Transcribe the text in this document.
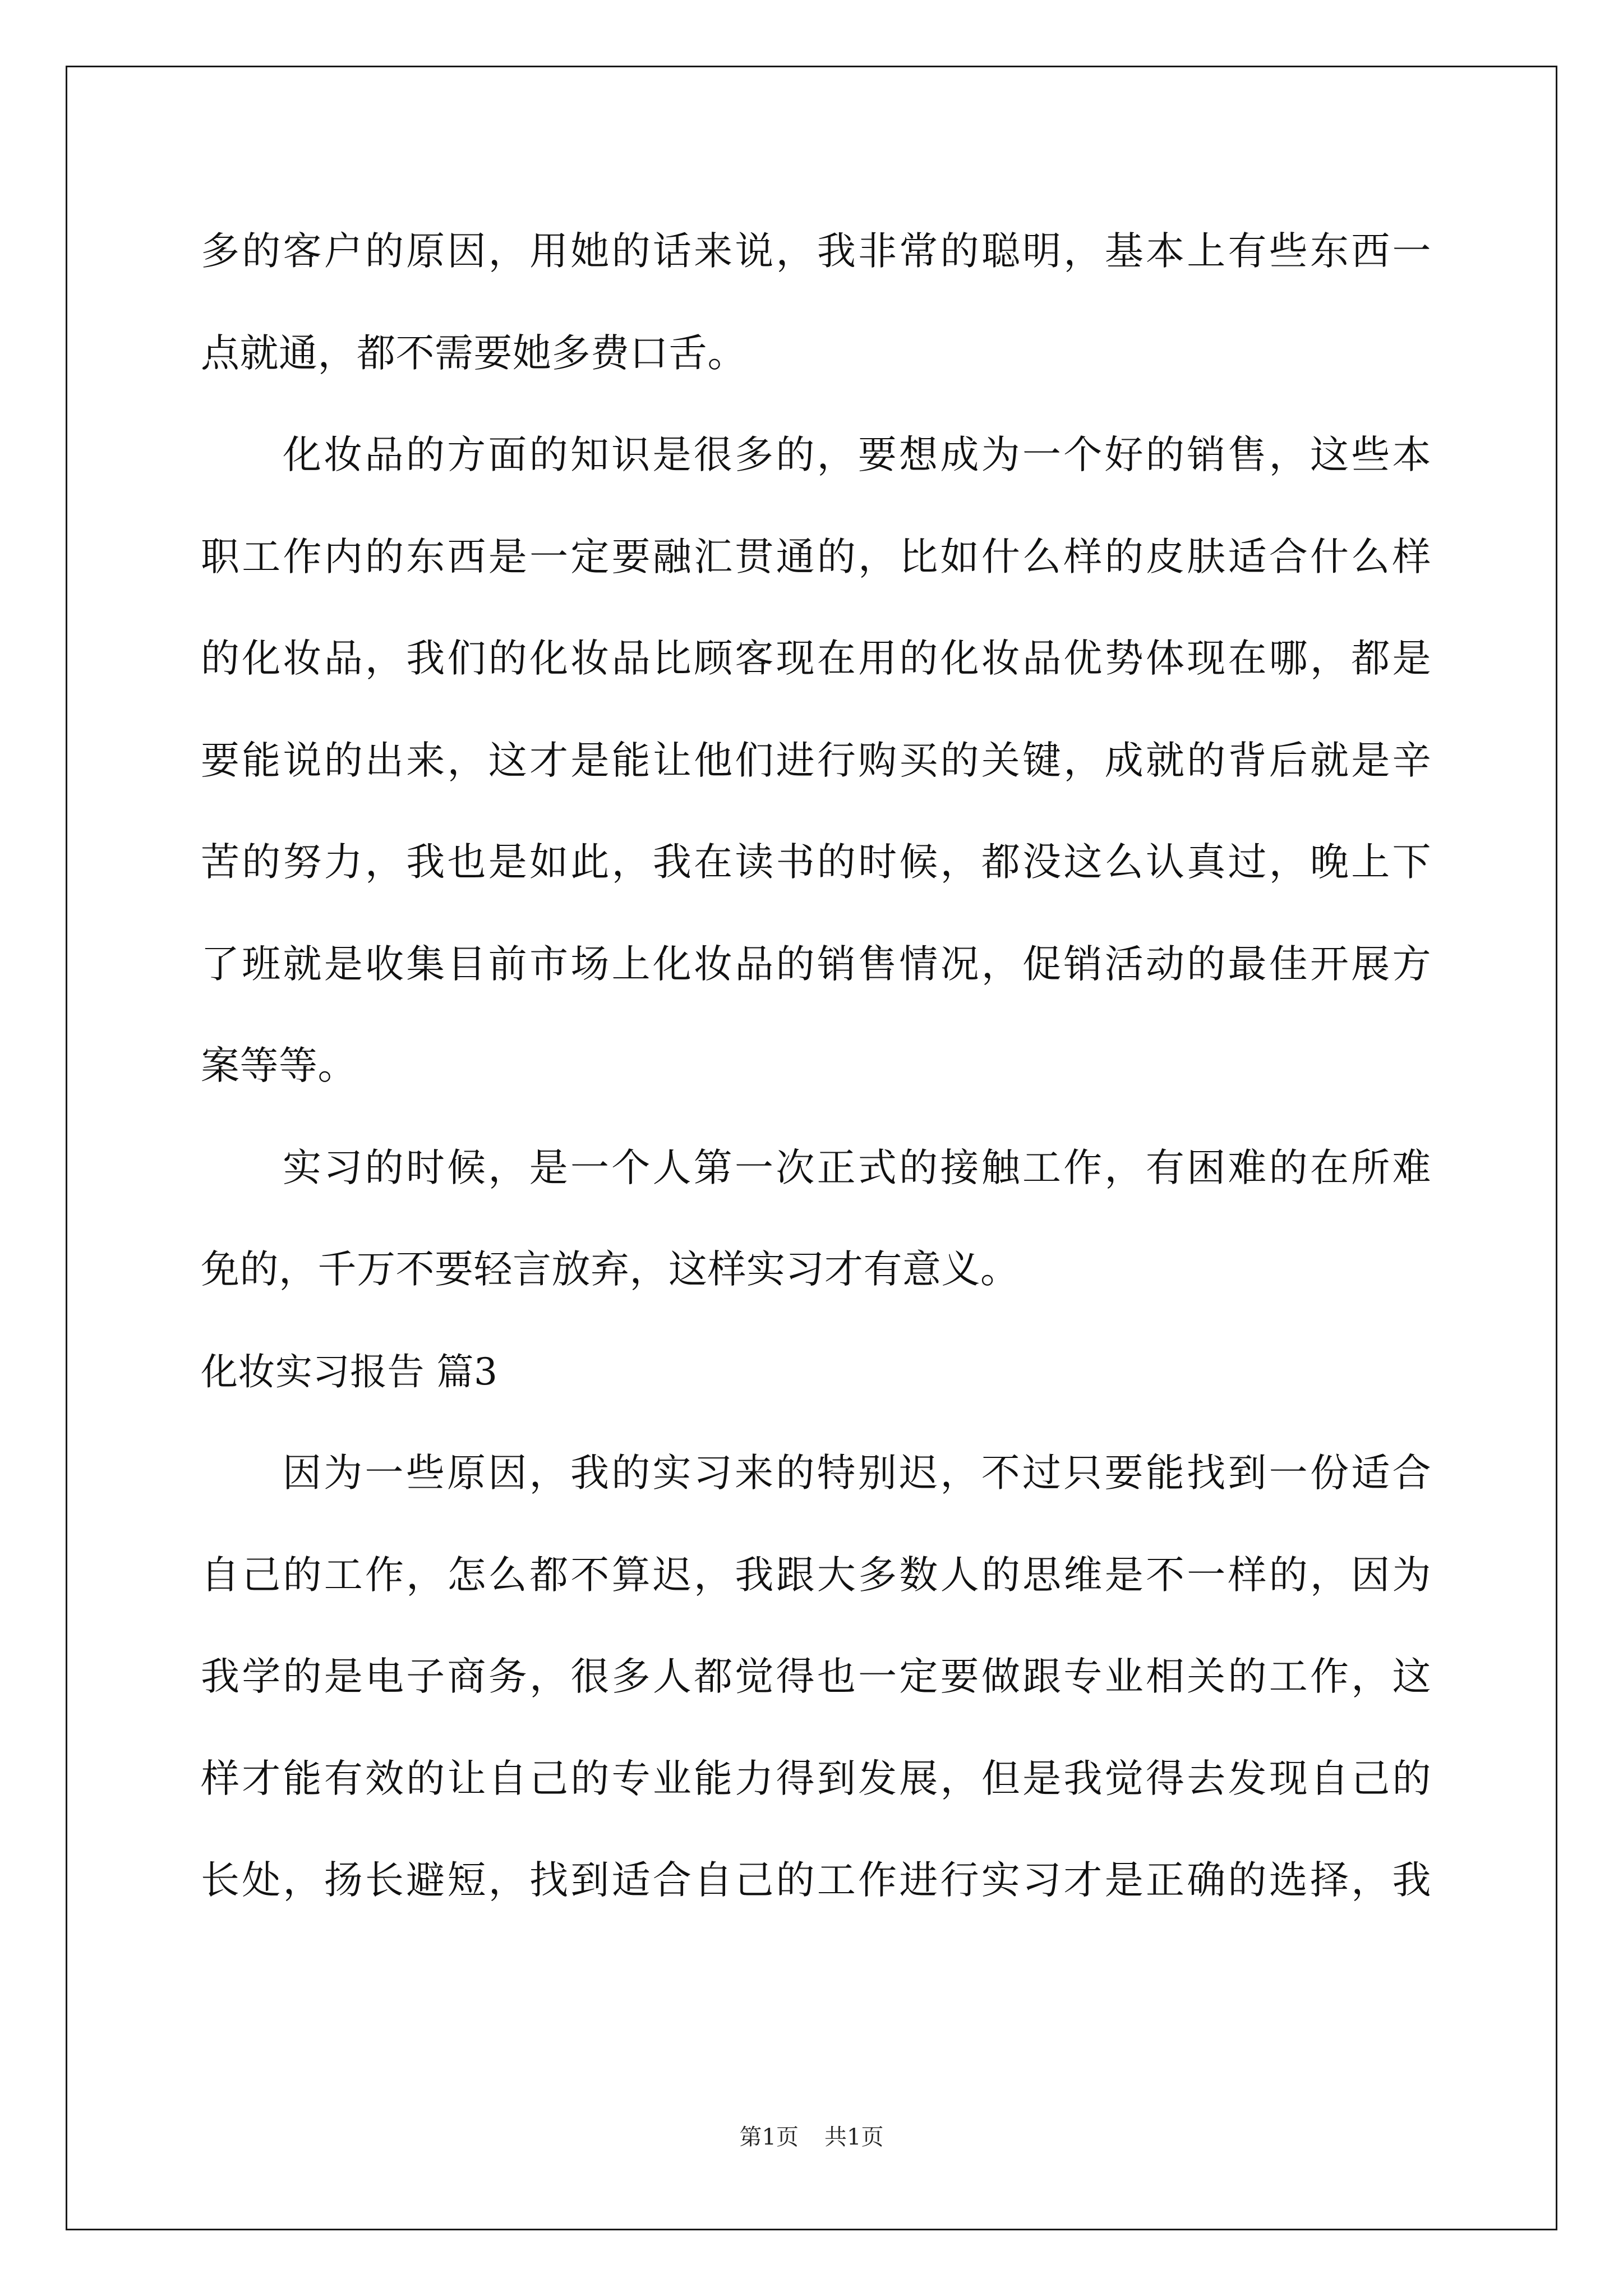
多的客户的原因，用她的话来说，我非常的聪明，基本上有些东西一
点就通，都不需要她多费口舌。
化妆品的方面的知识是很多的，要想成为一个好的销售，这些本
职工作内的东西是一定要融汇贯通的，比如什么样的皮肤适合什么样
的化妆品，我们的化妆品比顾客现在用的化妆品优势体现在哪，都是
要能说的出来，这才是能让他们进行购买的关键，成就的背后就是辛
苦的努力，我也是如此，我在读书的时候，都没这么认真过，晚上下
了班就是收集目前市场上化妆品的销售情况，促销活动的最佳开展方
案等等。
实习的时候，是一个人第一次正式的接触工作，有困难的在所难
免的，千万不要轻言放弃，这样实习才有意义。
化妆实习报告 篇3
因为一些原因，我的实习来的特别迟，不过只要能找到一份适合
自己的工作，怎么都不算迟，我跟大多数人的思维是不一样的，因为
我学的是电子商务，很多人都觉得也一定要做跟专业相关的工作，这
样才能有效的让自己的专业能力得到发展，但是我觉得去发现自己的
长处，扬长避短，找到适合自己的工作进行实习才是正确的选择，我
第1页 共1页
